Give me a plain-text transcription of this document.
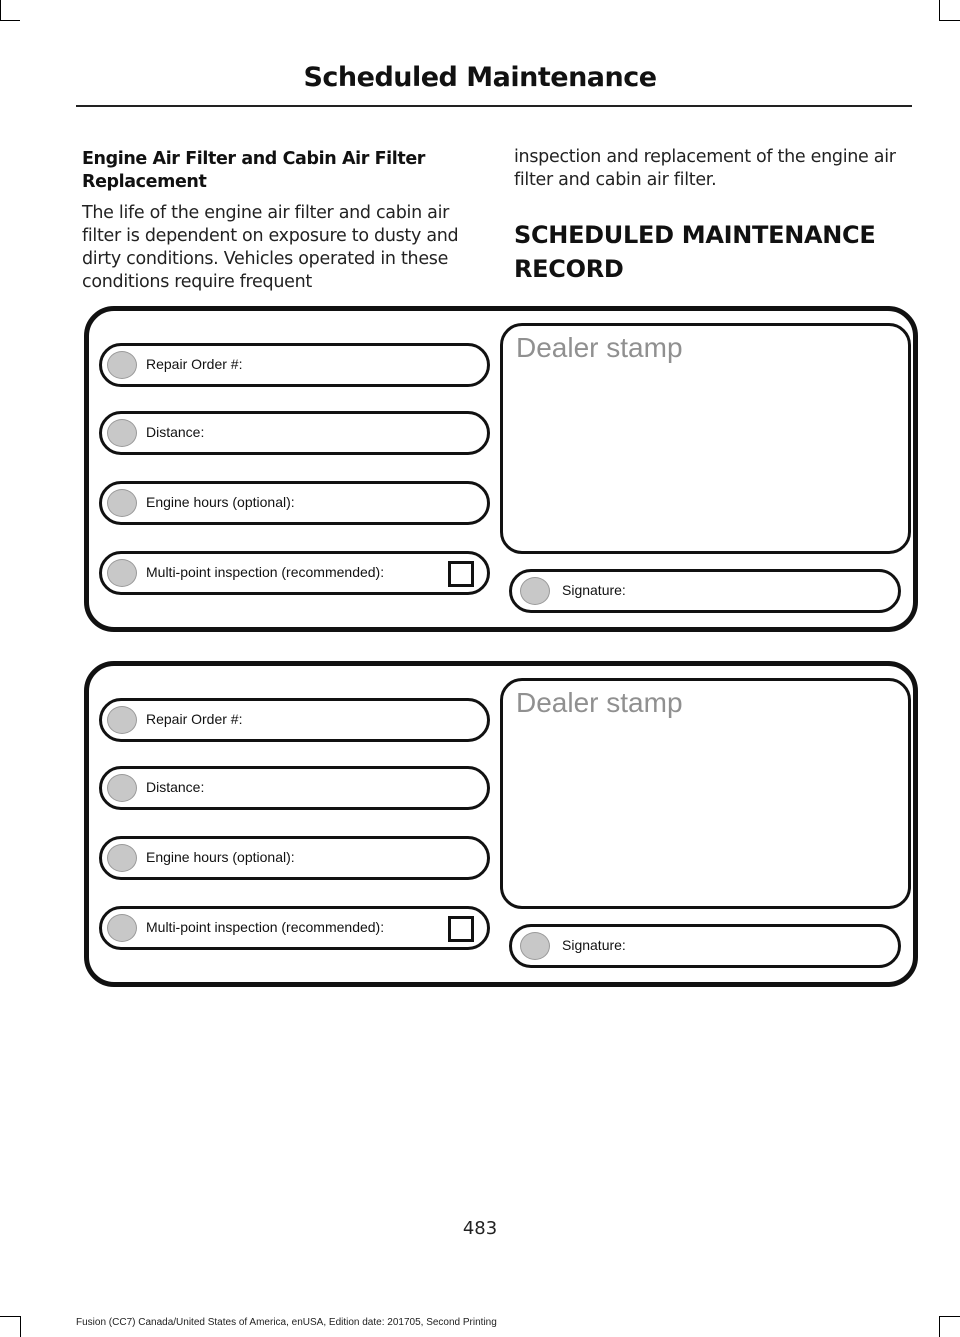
Scheduled Maintenance
Engine Air Filter and Cabin Air Filter Replacement
The life of the engine air filter and cabin air filter is dependent on exposure to dusty and dirty conditions. Vehicles operated in these conditions require frequent
inspection and replacement of the engine air filter and cabin air filter.
SCHEDULED MAINTENANCE RECORD
Repair Order #:
Distance:
Engine hours (optional):
Multi-point inspection (recommended):
Dealer stamp
Signature:
Repair Order #:
Distance:
Engine hours (optional):
Multi-point inspection (recommended):
Dealer stamp
Signature:
483
Fusion (CC7) Canada/United States of America, enUSA, Edition date: 201705, Second Printing
